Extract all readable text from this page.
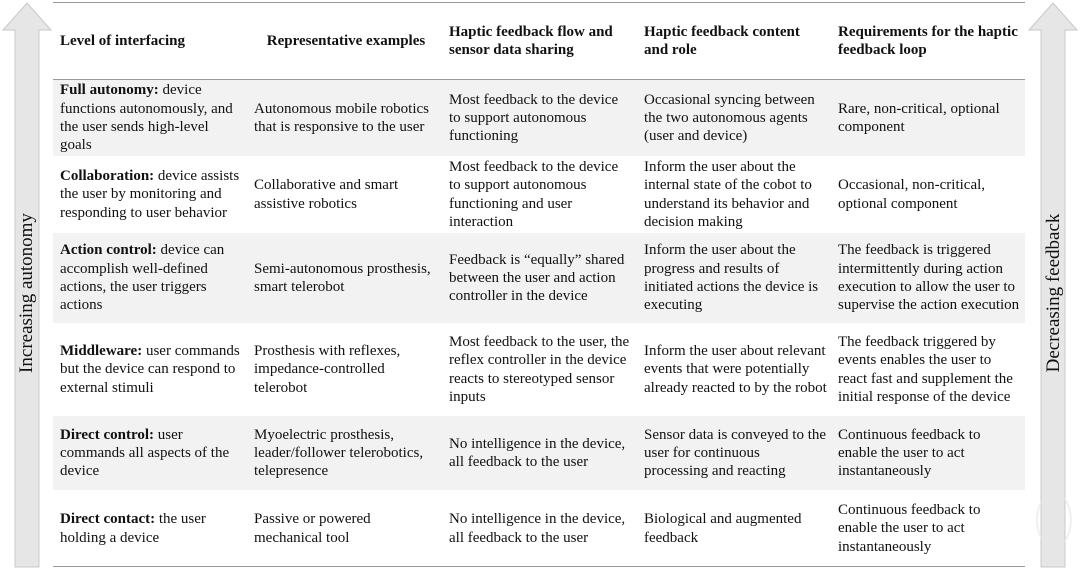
Increasing autonomy	Decreasing feedback
Level of interfacing	Representative examples	Haptic feedback flow and sensor data sharing	Haptic feedback content and role	Requirements for the haptic feedback loop
Full autonomy: device functions autonomously, and the user sends high-level goals	Autonomous mobile robotics that is responsive to the user	Most feedback to the device to support autonomous functioning	Occasional syncing between the two autonomous agents (user and device)	Rare, non-critical, optional component
Collaboration: device assists the user by monitoring and responding to user behavior	Collaborative and smart assistive robotics	Most feedback to the device to support autonomous functioning and user interaction	Inform the user about the internal state of the cobot to understand its behavior and decision making	Occasional, non-critical, optional component
Action control: device can accomplish well-defined actions, the user triggers actions	Semi-autonomous prosthesis, smart telerobot	Feedback is “equally” shared between the user and action controller in the device	Inform the user about the progress and results of initiated actions the device is executing	The feedback is triggered intermittently during action execution to allow the user to supervise the action execution
Middleware: user commands but the device can respond to external stimuli	Prosthesis with reflexes, impedance-controlled telerobot	Most feedback to the user, the reflex controller in the device reacts to stereotyped sensor inputs	Inform the user about relevant events that were potentially already reacted to by the robot	The feedback triggered by events enables the user to react fast and supplement the initial response of the device
Direct control: user commands all aspects of the device	Myoelectric prosthesis, leader/follower telerobotics, telepresence	No intelligence in the device, all feedback to the user	Sensor data is conveyed to the user for continuous processing and reacting	Continuous feedback to enable the user to act instantaneously
Direct contact: the user holding a device	Passive or powered mechanical tool	No intelligence in the device, all feedback to the user	Biological and augmented feedback	Continuous feedback to enable the user to act instantaneously
